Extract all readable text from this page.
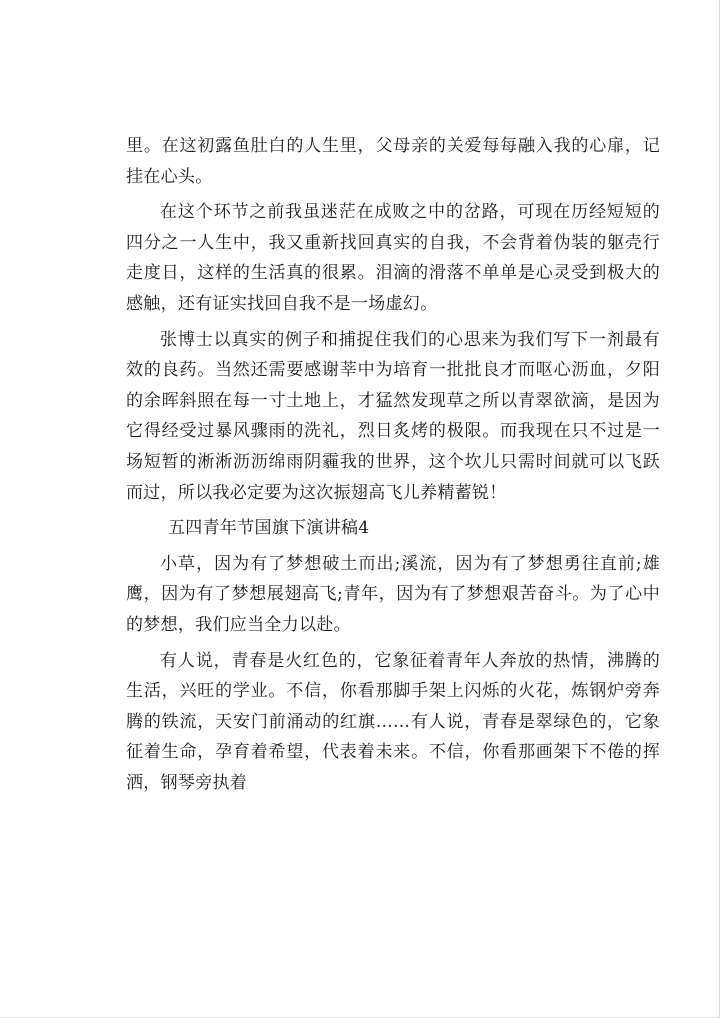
里。在这初露鱼肚白的人生里，父母亲的关爱每每融入我的心扉，记挂在心头。

在这个环节之前我虽迷茫在成败之中的岔路，可现在历经短短的四分之一人生中，我又重新找回真实的自我，不会背着伪装的躯壳行走度日，这样的生活真的很累。泪滴的滑落不单单是心灵受到极大的感触，还有证实找回自我不是一场虚幻。

张博士以真实的例子和捕捉住我们的心思来为我们写下一剂最有效的良药。当然还需要感谢莘中为培育一批批良才而呕心沥血，夕阳的余晖斜照在每一寸土地上，才猛然发现草之所以青翠欲滴，是因为它得经受过暴风骤雨的洗礼，烈日炙烤的极限。而我现在只不过是一场短暂的淅淅沥沥绵雨阴霾我的世界，这个坎儿只需时间就可以飞跃而过，所以我必定要为这次振翅高飞儿养精蓄锐！

五四青年节国旗下演讲稿4

小草，因为有了梦想破土而出;溪流，因为有了梦想勇往直前;雄鹰，因为有了梦想展翅高飞;青年，因为有了梦想艰苦奋斗。为了心中的梦想，我们应当全力以赴。

有人说，青春是火红色的，它象征着青年人奔放的热情，沸腾的生活，兴旺的学业。不信，你看那脚手架上闪烁的火花，炼钢炉旁奔腾的铁流，天安门前涌动的红旗……有人说，青春是翠绿色的，它象征着生命，孕育着希望，代表着未来。不信，你看那画架下不倦的挥洒，钢琴旁执着
